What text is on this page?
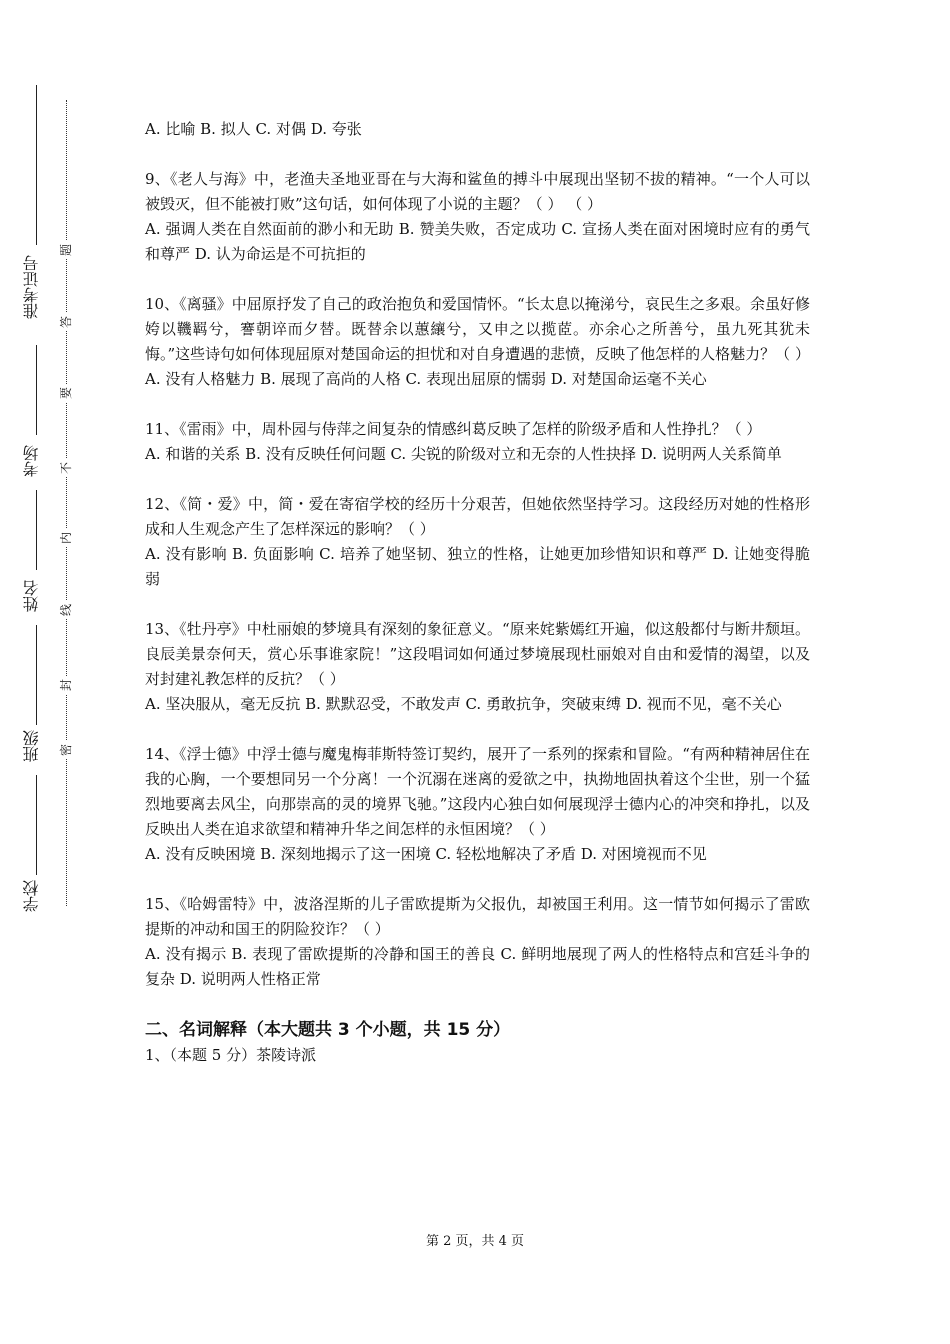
准考证号
考场
姓名
班级
学校
密
封
线
内
不
要
答
题

A. 比喻 B. 拟人 C. 对偶 D. 夸张

9、《老人与海》中，老渔夫圣地亚哥在与大海和鲨鱼的搏斗中展现出坚韧不拔的精神。“一个人可以被毁灭，但不能被打败”这句话，如何体现了小说的主题？（ ） （ ）

A. 强调人类在自然面前的渺小和无助 B. 赞美失败，否定成功 C. 宣扬人类在面对困境时应有的勇气和尊严 D. 认为命运是不可抗拒的

10、《离骚》中屈原抒发了自己的政治抱负和爱国情怀。“长太息以掩涕兮，哀民生之多艰。余虽好修姱以鞿羁兮，謇朝谇而夕替。既替余以蕙纕兮，又申之以揽茝。亦余心之所善兮，虽九死其犹未悔。”这些诗句如何体现屈原对楚国命运的担忧和对自身遭遇的悲愤，反映了他怎样的人格魅力？（ ）

A. 没有人格魅力 B. 展现了高尚的人格 C. 表现出屈原的懦弱 D. 对楚国命运毫不关心

11、《雷雨》中，周朴园与侍萍之间复杂的情感纠葛反映了怎样的阶级矛盾和人性挣扎？（ ）

A. 和谐的关系 B. 没有反映任何问题 C. 尖锐的阶级对立和无奈的人性抉择 D. 说明两人关系简单

12、《简・爱》中，简・爱在寄宿学校的经历十分艰苦，但她依然坚持学习。这段经历对她的性格形成和人生观念产生了怎样深远的影响？（ ）

A. 没有影响 B. 负面影响 C. 培养了她坚韧、独立的性格，让她更加珍惜知识和尊严 D. 让她变得脆弱

13、《牡丹亭》中杜丽娘的梦境具有深刻的象征意义。“原来姹紫嫣红开遍，似这般都付与断井颓垣。良辰美景奈何天，赏心乐事谁家院！”这段唱词如何通过梦境展现杜丽娘对自由和爱情的渴望，以及对封建礼教怎样的反抗？（ ）

A. 坚决服从，毫无反抗 B. 默默忍受，不敢发声 C. 勇敢抗争，突破束缚 D. 视而不见，毫不关心

14、《浮士德》中浮士德与魔鬼梅菲斯特签订契约，展开了一系列的探索和冒险。“有两种精神居住在我的心胸，一个要想同另一个分离！一个沉溺在迷离的爱欲之中，执拗地固执着这个尘世，别一个猛烈地要离去风尘，向那崇高的灵的境界飞驰。”这段内心独白如何展现浮士德内心的冲突和挣扎，以及反映出人类在追求欲望和精神升华之间怎样的永恒困境？（ ）

A. 没有反映困境 B. 深刻地揭示了这一困境 C. 轻松地解决了矛盾 D. 对困境视而不见

15、《哈姆雷特》中，波洛涅斯的儿子雷欧提斯为父报仇，却被国王利用。这一情节如何揭示了雷欧提斯的冲动和国王的阴险狡诈？（ ）

A. 没有揭示 B. 表现了雷欧提斯的冷静和国王的善良 C. 鲜明地展现了两人的性格特点和宫廷斗争的复杂 D. 说明两人性格正常

二、名词解释（本大题共 3 个小题，共 15 分）

1、（本题 5 分）茶陵诗派

第 2 页，共 4 页
